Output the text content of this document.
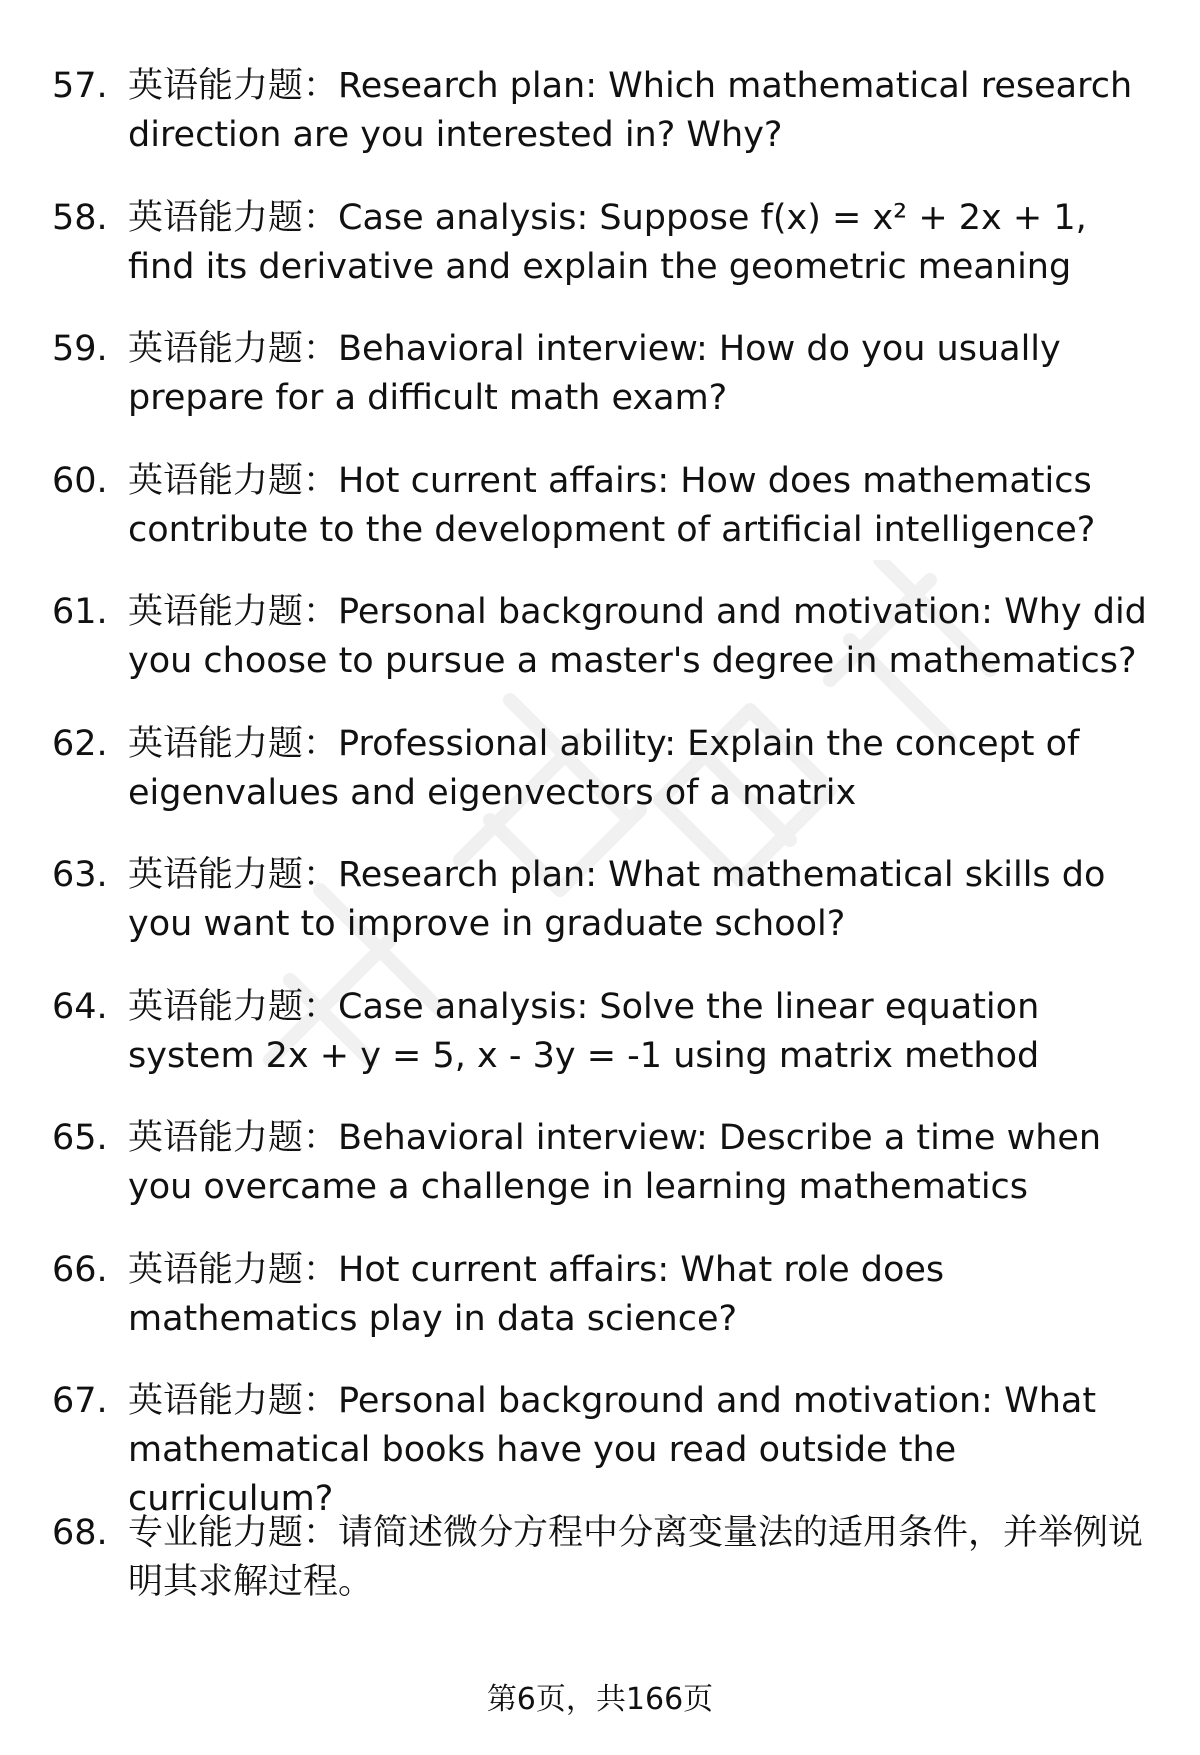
57. 英语能力题：Research plan: Which mathematical research direction are you interested in? Why?
58. 英语能力题：Case analysis: Suppose f(x) = x² + 2x + 1, find its derivative and explain the geometric meaning
59. 英语能力题：Behavioral interview: How do you usually prepare for a difficult math exam?
60. 英语能力题：Hot current affairs: How does mathematics contribute to the development of artificial intelligence?
61. 英语能力题：Personal background and motivation: Why did you choose to pursue a master's degree in mathematics?
62. 英语能力题：Professional ability: Explain the concept of eigenvalues and eigenvectors of a matrix
63. 英语能力题：Research plan: What mathematical skills do you want to improve in graduate school?
64. 英语能力题：Case analysis: Solve the linear equation system 2x + y = 5, x - 3y = -1 using matrix method
65. 英语能力题：Behavioral interview: Describe a time when you overcame a challenge in learning mathematics
66. 英语能力题：Hot current affairs: What role does mathematics play in data science?
67. 英语能力题：Personal background and motivation: What mathematical books have you read outside the curriculum?
68. 专业能力题：请简述微分方程中分离变量法的适用条件，并举例说明其求解过程。
第6页，共166页
